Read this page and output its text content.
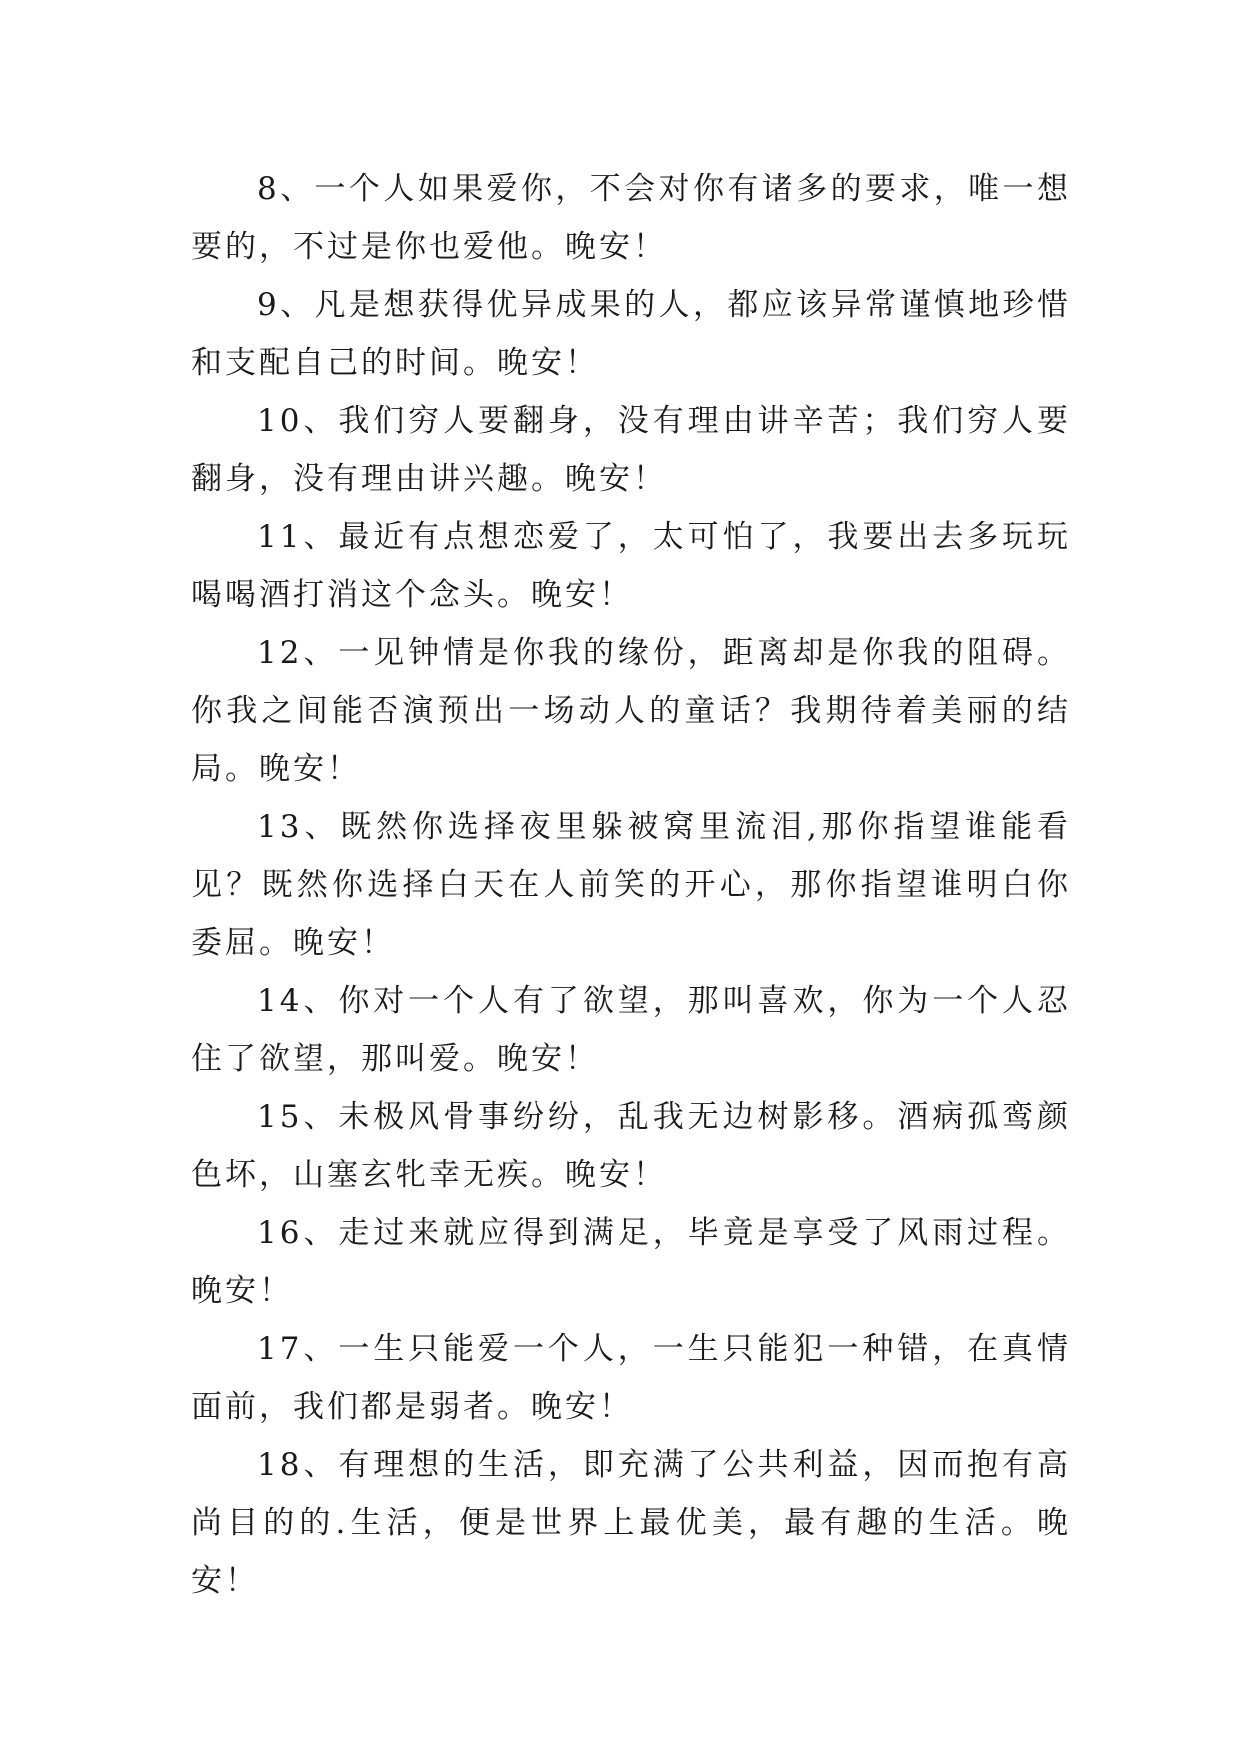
8、一个人如果爱你，不会对你有诸多的要求，唯一想要的，不过是你也爱他。晚安！

9、凡是想获得优异成果的人，都应该异常谨慎地珍惜和支配自己的时间。晚安！

10、我们穷人要翻身，没有理由讲辛苦；我们穷人要翻身，没有理由讲兴趣。晚安！

11、最近有点想恋爱了，太可怕了，我要出去多玩玩喝喝酒打消这个念头。晚安！

12、一见钟情是你我的缘份，距离却是你我的阻碍。你我之间能否演预出一场动人的童话？我期待着美丽的结局。晚安！

13、既然你选择夜里躲被窝里流泪,那你指望谁能看见？既然你选择白天在人前笑的开心，那你指望谁明白你委屈。晚安！

14、你对一个人有了欲望，那叫喜欢，你为一个人忍住了欲望，那叫爱。晚安！

15、未极风骨事纷纷，乱我无边树影移。酒病孤鸾颜色坏，山塞玄牝幸无疾。晚安！

16、走过来就应得到满足，毕竟是享受了风雨过程。晚安！

17、一生只能爱一个人，一生只能犯一种错，在真情面前，我们都是弱者。晚安！

18、有理想的生活，即充满了公共利益，因而抱有高尚目的的.生活，便是世界上最优美，最有趣的生活。晚安！
